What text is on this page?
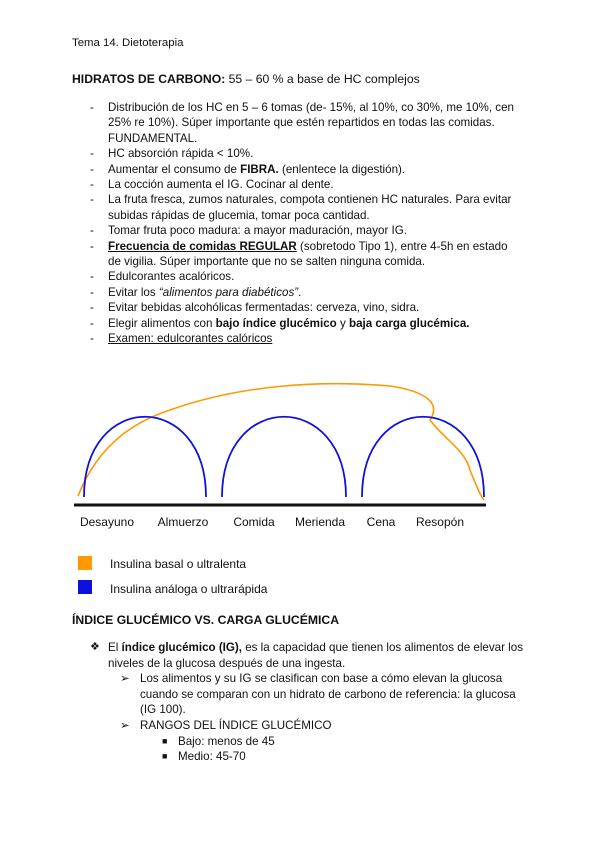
Tema 14. Dietoterapia
HIDRATOS DE CARBONO: 55 – 60 % a base de HC complejos
- Distribución de los HC en 5 – 6 tomas (de- 15%, al 10%, co 30%, me 10%, cen 25% re 10%). Súper importante que estén repartidos en todas las comidas. FUNDAMENTAL.
- HC absorción rápida < 10%.
- Aumentar el consumo de FIBRA. (enlentece la digestión).
- La cocción aumenta el IG. Cocinar al dente.
- La fruta fresca, zumos naturales, compota contienen HC naturales. Para evitar subidas rápidas de glucemia, tomar poca cantidad.
- Tomar fruta poco madura: a mayor maduración, mayor IG.
- Frecuencia de comidas REGULAR (sobretodo Tipo 1), entre 4-5h en estado de vigilia. Súper importante que no se salten ninguna comida.
- Edulcorantes acalóricos.
- Evitar los “alimentos para diabéticos”.
- Evitar bebidas alcohólicas fermentadas: cerveza, vino, sidra.
- Elegir alimentos con bajo índice glucémico y baja carga glucémica.
- Examen: edulcorantes calóricos
Desayuno Almuerzo Comida Merienda Cena Resopón
Insulina basal o ultralenta
Insulina análoga o ultrarápida
ÍNDICE GLUCÉMICO VS. CARGA GLUCÉMICA
❖ El índice glucémico (IG), es la capacidad que tienen los alimentos de elevar los niveles de la glucosa después de una ingesta.
➢ Los alimentos y su IG se clasifican con base a cómo elevan la glucosa cuando se comparan con un hidrato de carbono de referencia: la glucosa (IG 100).
➢ RANGOS DEL ÍNDICE GLUCÉMICO
■ Bajo: menos de 45
■ Medio: 45-70
